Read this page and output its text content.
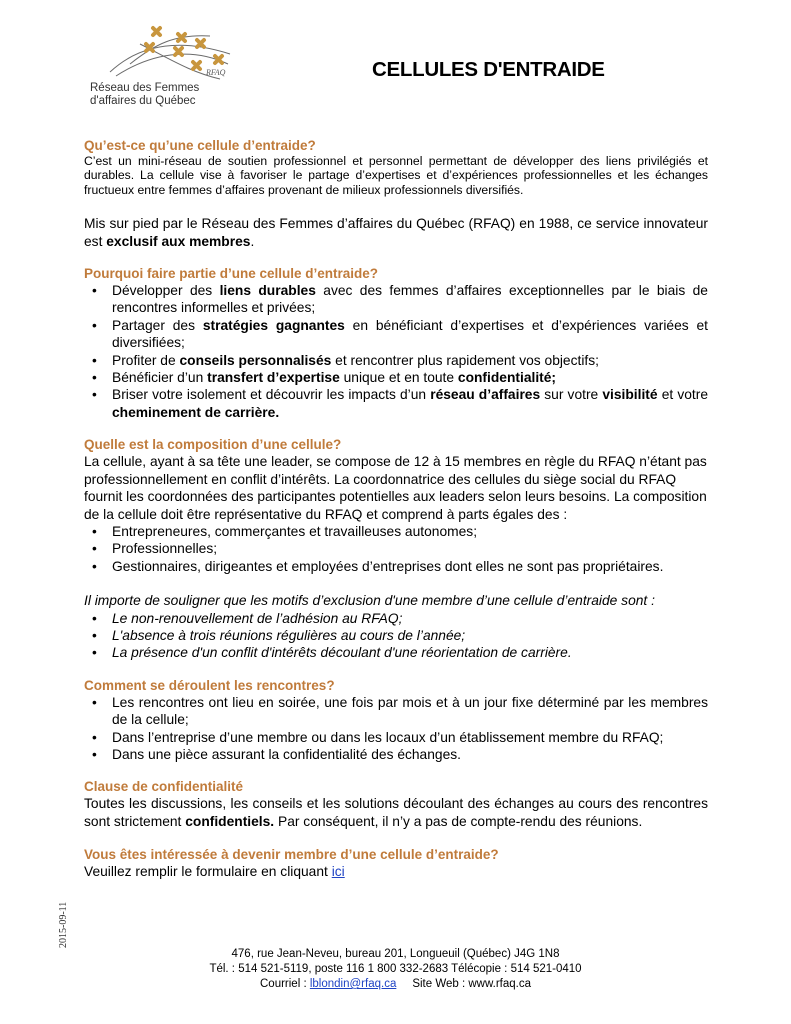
RFAQ
Réseau des Femmes
d'affaires du Québec
CELLULES D'ENTRAIDE
Qu’est-ce qu’une cellule d’entraide?

C’est un mini-réseau de soutien professionnel et personnel permettant de développer des liens privilégiés et durables. La cellule vise à favoriser le partage d’expertises et d’expériences professionnelles et les échanges fructueux entre femmes d’affaires provenant de milieux professionnels diversifiés.

Mis sur pied par le Réseau des Femmes d’affaires du Québec (RFAQ) en 1988, ce service innovateur est exclusif aux membres.

Pourquoi faire partie d’une cellule d’entraide?
• Développer des liens durables avec des femmes d’affaires exceptionnelles par le biais de rencontres informelles et privées;
• Partager des stratégies gagnantes en bénéficiant d’expertises et d’expériences variées et diversifiées;
• Profiter de conseils personnalisés et rencontrer plus rapidement vos objectifs;
• Bénéficier d’un transfert d’expertise unique et en toute confidentialité;
• Briser votre isolement et découvrir les impacts d’un réseau d’affaires sur votre visibilité et votre cheminement de carrière.
Quelle est la composition d’une cellule?

La cellule, ayant à sa tête une leader, se compose de 12 à 15 membres en règle du RFAQ n’étant pas professionnellement en conflit d’intérêts. La coordonnatrice des cellules du siège social du RFAQ fournit les coordonnées des participantes potentielles aux leaders selon leurs besoins. La composition de la cellule doit être représentative du RFAQ et comprend à parts égales des :

• Entrepreneures, commerçantes et travailleuses autonomes;
• Professionnelles;
• Gestionnaires, dirigeantes et employées d’entreprises dont elles ne sont pas propriétaires.

Il importe de souligner que les motifs d’exclusion d'une membre d’une cellule d’entraide sont :

• Le non-renouvellement de l’adhésion au RFAQ;
• L'absence à trois réunions régulières au cours de l’année;
• La présence d'un conflit d'intérêts découlant d'une réorientation de carrière.
Comment se déroulent les rencontres?
• Les rencontres ont lieu en soirée, une fois par mois et à un jour fixe déterminé par les membres de la cellule;
• Dans l’entreprise d’une membre ou dans les locaux d’un établissement membre du RFAQ;
• Dans une pièce assurant la confidentialité des échanges.
Clause de confidentialité

Toutes les discussions, les conseils et les solutions découlant des échanges au cours des rencontres sont strictement confidentiels. Par conséquent, il n’y a pas de compte-rendu des réunions.

Vous êtes intéressée à devenir membre d’une cellule d’entraide?

Veuillez remplir le formulaire en cliquant ici

2015-09-11
476, rue Jean-Neveu, bureau 201, Longueuil (Québec) J4G 1N8
Tél. : 514 521-5119, poste 116 1 800 332-2683 Télécopie : 514 521-0410
Courriel : lblondin@rfaq.ca     Site Web : www.rfaq.ca
